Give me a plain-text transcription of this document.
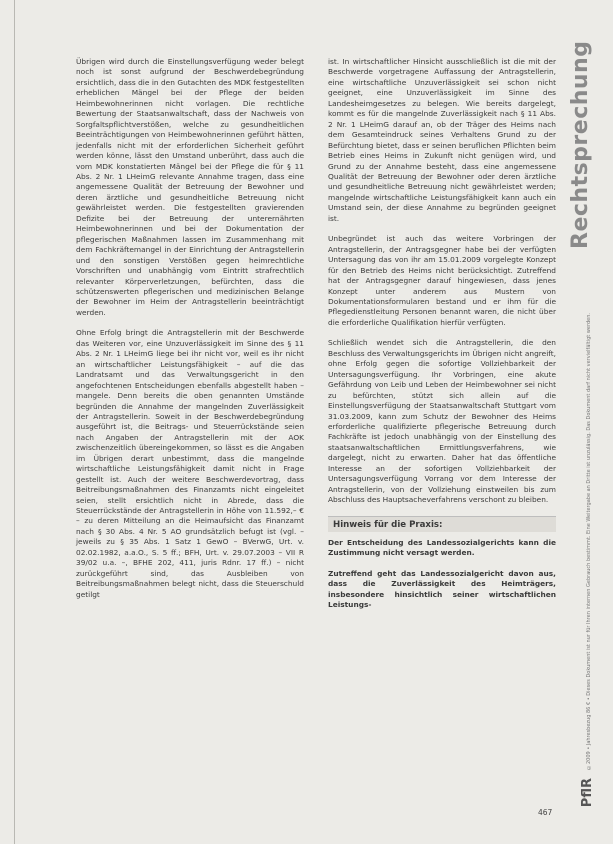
Übrigen wird durch die Einstellungsverfügung weder belegt noch ist sonst aufgrund der Beschwerdebegründung ersichtlich, dass die in den Gutachten des MDK festgestellten erheblichen Mängel bei der Pflege der beiden Heimbewohnerinnen nicht vorlagen. Die rechtliche Bewertung der Staatsanwaltschaft, dass der Nachweis von Sorgfaltspflichtverstößen, welche zu gesundheitlichen Beeinträchtigungen von Heimbewohnerinnen geführt hätten, jedenfalls nicht mit der erforderlichen Sicherheit geführt werden könne, lässt den Umstand unberührt, dass auch die vom MDK konstatierten Mängel bei der Pflege die für § 11 Abs. 2 Nr. 1 LHeimG relevante Annahme tragen, dass eine angemessene Qualität der Betreuung der Bewohner und deren ärztliche und gesundheitliche Betreuung nicht gewährleistet werden. Die festgestellten gravierenden Defizite bei der Betreuung der unterernährten Heimbewohnerinnen und bei der Dokumentation der pflegerischen Maßnahmen lassen im Zusammenhang mit dem Fachkräftemangel in der Einrichtung der Antragstellerin und den sonstigen Verstößen gegen heimrechtliche Vorschriften und unabhängig vom Eintritt strafrechtlich relevanter Körperverletzungen, befürchten, dass die schützenswerten pflegerischen und medizinischen Belange der Bewohner im Heim der Antragstellerin beeinträchtigt werden.

Ohne Erfolg bringt die Antragstellerin mit der Beschwerde das Weiteren vor, eine Unzuverlässigkeit im Sinne des § 11 Abs. 2 Nr. 1 LHeimG liege bei ihr nicht vor, weil es ihr nicht an wirtschaftlicher Leistungsfähigkeit – auf die das Landratsamt und das Verwaltungsgericht in den angefochtenen Entscheidungen ebenfalls abgestellt haben – mangele. Denn bereits die oben genannten Umstände begründen die Annahme der mangelnden Zuverlässigkeit der Antragstellerin. Soweit in der Beschwerdebegründung ausgeführt ist, die Beitrags- und Steuerrückstände seien nach Angaben der Antragstellerin mit der AOK zwischenzeitlich übereingekommen, so lässt es die Angaben im Übrigen derart unbestimmt, dass die mangelnde wirtschaftliche Leistungsfähigkeit damit nicht in Frage gestellt ist. Auch der weitere Beschwerdevortrag, dass Beitreibungsmaßnahmen des Finanzamts nicht eingeleitet seien, stellt ersichtlich nicht in Abrede, dass die Steuerrückstände der Antragstellerin in Höhe von 11.592,– € – zu deren Mitteilung an die Heimaufsicht das Finanzamt nach § 30 Abs. 4 Nr. 5 AO grundsätzlich befugt ist (vgl. – jeweils zu § 35 Abs. 1 Satz 1 GewO – BVerwG, Urt. v. 02.02.1982, a.a.O., S. 5 ff.; BFH, Urt. v. 29.07.2003 – VII R 39/02 u.a. –, BFHE 202, 411, juris Rdnr. 17 ff.) – nicht zurückgeführt sind, das Ausbleiben von Beitreibungsmaßnahmen belegt nicht, dass die Steuerschuld getilgt

ist. In wirtschaftlicher Hinsicht ausschließlich ist die mit der Beschwerde vorgetragene Auffassung der Antragstellerin, eine wirtschaftliche Unzuverlässigkeit sei schon nicht geeignet, eine Unzuverlässigkeit im Sinne des Landesheimgesetzes zu belegen. Wie bereits dargelegt, kommt es für die mangelnde Zuverlässigkeit nach § 11 Abs. 2 Nr. 1 LHeimG darauf an, ob der Träger des Heims nach dem Gesamteindruck seines Verhaltens Grund zu der Befürchtung bietet, dass er seinen beruflichen Pflichten beim Betrieb eines Heims in Zukunft nicht genügen wird, und Grund zu der Annahme besteht, dass eine angemessene Qualität der Betreuung der Bewohner oder deren ärztliche und gesundheitliche Betreuung nicht gewährleistet werden; mangelnde wirtschaftliche Leistungsfähigkeit kann auch ein Umstand sein, der diese Annahme zu begründen geeignet ist.

Unbegründet ist auch das weitere Vorbringen der Antragstellerin, der Antragsgegner habe bei der verfügten Untersagung das von ihr am 15.01.2009 vorgelegte Konzept für den Betrieb des Heims nicht berücksichtigt. Zutreffend hat der Antragsgegner darauf hingewiesen, dass jenes Konzept unter anderem aus Mustern von Dokumentationsformularen bestand und er ihm für die Pflegedienstleitung Personen benannt waren, die nicht über die erforderliche Qualifikation hierfür verfügten.

Schließlich wendet sich die Antragstellerin, die den Beschluss des Verwaltungsgerichts im Übrigen nicht angreift, ohne Erfolg gegen die sofortige Vollziehbarkeit der Untersagungsverfügung. Ihr Vorbringen, eine akute Gefährdung von Leib und Leben der Heimbewohner sei nicht zu befürchten, stützt sich allein auf die Einstellungsverfügung der Staatsanwaltschaft Stuttgart vom 31.03.2009, kann zum Schutz der Bewohner des Heims erforderliche qualifizierte pflegerische Betreuung durch Fachkräfte ist jedoch unabhängig von der Einstellung des staatsanwaltschaftlichen Ermittlungsverfahrens, wie dargelegt, nicht zu erwarten. Daher hat das öffentliche Interesse an der sofortigen Vollziehbarkeit der Untersagungsverfügung Vorrang vor dem Interesse der Antragstellerin, von der Vollziehung einstweilen bis zum Abschluss des Hauptsacheverfahrens verschont zu bleiben.

Hinweis für die Praxis:

Der Entscheidung des Landessozialgerichts kann die Zustimmung nicht versagt werden.

Zutreffend geht das Landessozialgericht davon aus, dass die Zuverlässigkeit des Heimträgers, insbesondere hinsichtlich seiner wirtschaftlichen Leistungs-

Rechtsprechung
©2009 • Jahresbezug 86 € • Dieses Dokument ist nur für Ihren internen Gebrauch bestimmt. Eine Weitergabe an Dritte ist unzulässig. Das Dokument darf nicht vervielfältigt werden.
PflR
467
